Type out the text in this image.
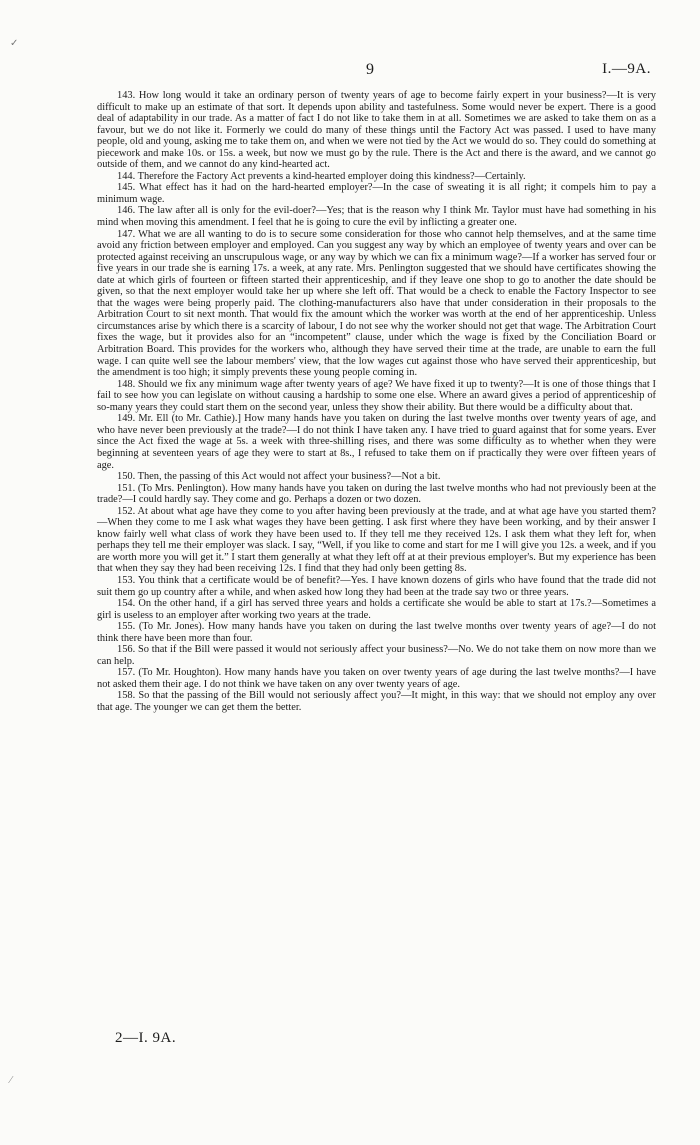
9	I.—9A.
✓
⁄

143. How long would it take an ordinary person of twenty years of age to become fairly expert in your business?—It is very difficult to make up an estimate of that sort. It depends upon ability and tastefulness. Some would never be expert. There is a good deal of adaptability in our trade. As a matter of fact I do not like to take them in at all. Sometimes we are asked to take them on as a favour, but we do not like it. Formerly we could do many of these things until the Factory Act was passed. I used to have many people, old and young, asking me to take them on, and when we were not tied by the Act we would do so. They could do something at piecework and make 10s. or 15s. a week, but now we must go by the rule. There is the Act and there is the award, and we cannot go outside of them, and we cannot do any kind-hearted act.

144. Therefore the Factory Act prevents a kind-hearted employer doing this kindness?—Certainly.

145. What effect has it had on the hard-hearted employer?—In the case of sweating it is all right; it compels him to pay a minimum wage.

146. The law after all is only for the evil-doer?—Yes; that is the reason why I think Mr. Taylor must have had something in his mind when moving this amendment. I feel that he is going to cure the evil by inflicting a greater one.

147. What we are all wanting to do is to secure some consideration for those who cannot help themselves, and at the same time avoid any friction between employer and employed. Can you suggest any way by which an employee of twenty years and over can be protected against receiving an unscrupulous wage, or any way by which we can fix a minimum wage?—If a worker has served four or five years in our trade she is earning 17s. a week, at any rate. Mrs. Penlington suggested that we should have certificates showing the date at which girls of fourteen or fifteen started their apprenticeship, and if they leave one shop to go to another the date should be given, so that the next employer would take her up where she left off. That would be a check to enable the Factory Inspector to see that the wages were being properly paid. The clothing-manufacturers also have that under consideration in their proposals to the Arbitration Court to sit next month. That would fix the amount which the worker was worth at the end of her apprenticeship. Unless circumstances arise by which there is a scarcity of labour, I do not see why the worker should not get that wage. The Arbitration Court fixes the wage, but it provides also for an “incompetent” clause, under which the wage is fixed by the Conciliation Board or Arbitration Board. This provides for the workers who, although they have served their time at the trade, are unable to earn the full wage. I can quite well see the labour members' view, that the low wages cut against those who have served their apprenticeship, but the amendment is too high; it simply prevents these young people coming in.

148. Should we fix any minimum wage after twenty years of age? We have fixed it up to twenty?—It is one of those things that I fail to see how you can legislate on without causing a hardship to some one else. Where an award gives a period of apprenticeship of so-many years they could start them on the second year, unless they show their ability. But there would be a difficulty about that.

149. Mr. Ell (to Mr. Cathie).] How many hands have you taken on during the last twelve months over twenty years of age, and who have never been previously at the trade?—I do not think I have taken any. I have tried to guard against that for some years. Ever since the Act fixed the wage at 5s. a week with three-shilling rises, and there was some difficulty as to whether when they were beginning at seventeen years of age they were to start at 8s., I refused to take them on if practically they were over fifteen years of age.

150. Then, the passing of this Act would not affect your business?—Not a bit.

151. (To Mrs. Penlington). How many hands have you taken on during the last twelve months who had not previously been at the trade?—I could hardly say. They come and go. Perhaps a dozen or two dozen.

152. At about what age have they come to you after having been previously at the trade, and at what age have you started them?—When they come to me I ask what wages they have been getting. I ask first where they have been working, and by their answer I know fairly well what class of work they have been used to. If they tell me they received 12s. I ask them what they left for, when perhaps they tell me their employer was slack. I say, “Well, if you like to come and start for me I will give you 12s. a week, and if you are worth more you will get it.” I start them generally at what they left off at at their previous employer's. But my experience has been that when they say they had been receiving 12s. I find that they had only been getting 8s.

153. You think that a certificate would be of benefit?—Yes. I have known dozens of girls who have found that the trade did not suit them go up country after a while, and when asked how long they had been at the trade say two or three years.

154. On the other hand, if a girl has served three years and holds a certificate she would be able to start at 17s.?—Sometimes a girl is useless to an employer after working two years at the trade.

155. (To Mr. Jones). How many hands have you taken on during the last twelve months over twenty years of age?—I do not think there have been more than four.

156. So that if the Bill were passed it would not seriously affect your business?—No. We do not take them on now more than we can help.

157. (To Mr. Houghton). How many hands have you taken on over twenty years of age during the last twelve months?—I have not asked them their age. I do not think we have taken on any over twenty years of age.

158. So that the passing of the Bill would not seriously affect you?—It might, in this way: that we should not employ any over that age. The younger we can get them the better.

2—I. 9A.
